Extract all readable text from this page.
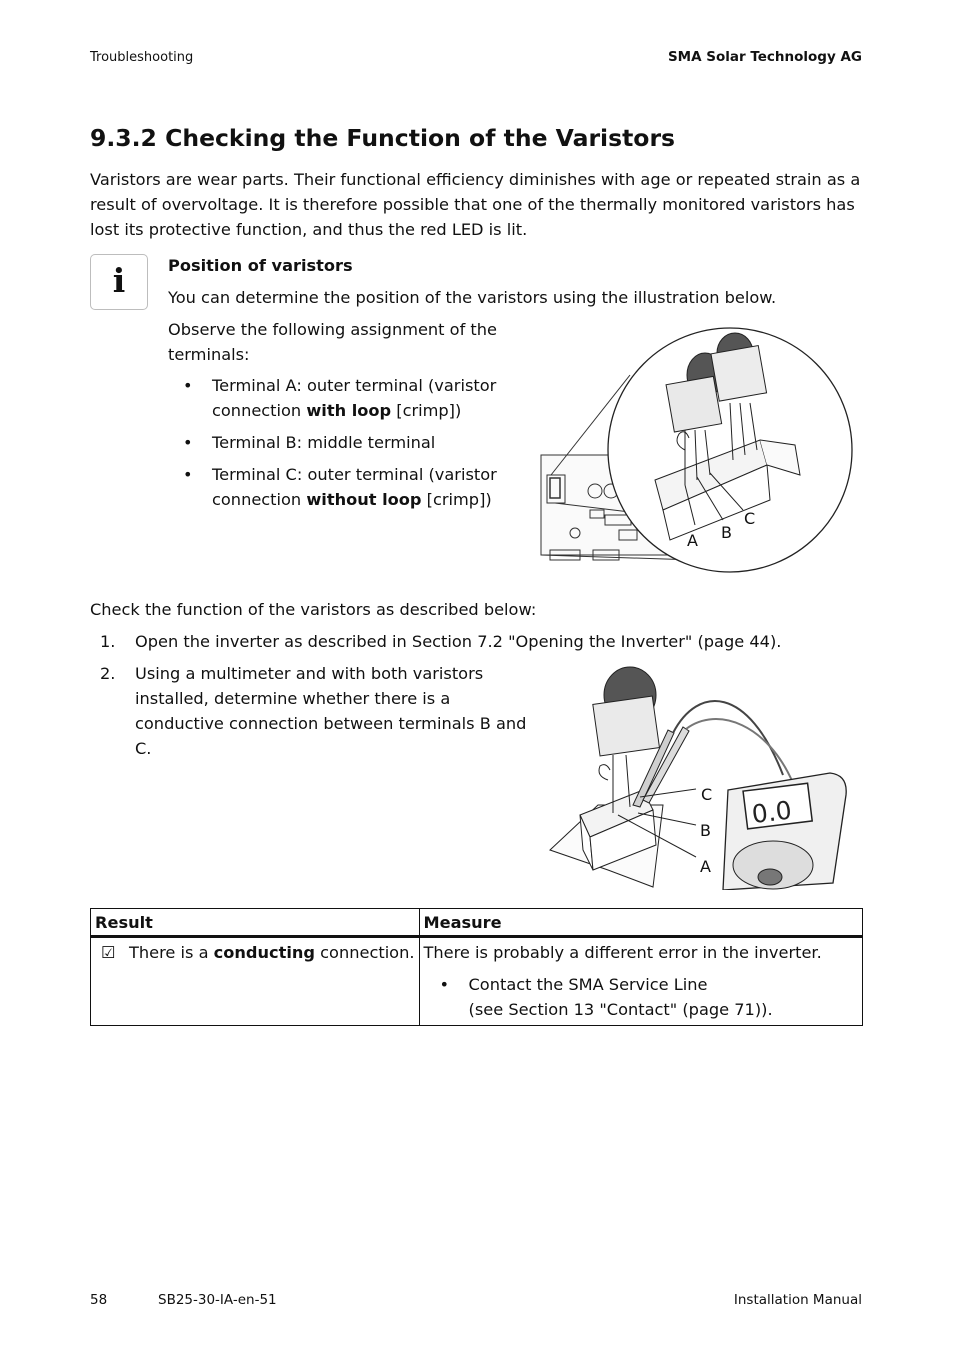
Troubleshooting	SMA Solar Technology AG
9.3.2 Checking the Function of the Varistors
Varistors are wear parts. Their functional efficiency diminishes with age or repeated strain as a result of overvoltage. It is therefore possible that one of the thermally monitored varistors has lost its protective function, and thus the red LED is lit.
i	Position of varistors
You can determine the position of the varistors using the illustration below.
Observe the following assignment of the terminals:
• Terminal A: outer terminal (varistor connection with loop [crimp])
• Terminal B: middle terminal
• Terminal C: outer terminal (varistor connection without loop [crimp])
A B
C
Check the function of the varistors as described below:
1. Open the inverter as described in Section 7.2 "Opening the Inverter" (page 44).
2. Using a multimeter and with both varistors installed, determine whether there is a conductive connection between terminals B and C.
0.0
C
B
A
Result	Measure
☑ There is a conducting connection.	There is probably a different error in the inverter.
• Contact the SMA Service Line
(see Section 13 "Contact" (page 71)).
58	SB25-30-IA-en-51	Installation Manual
